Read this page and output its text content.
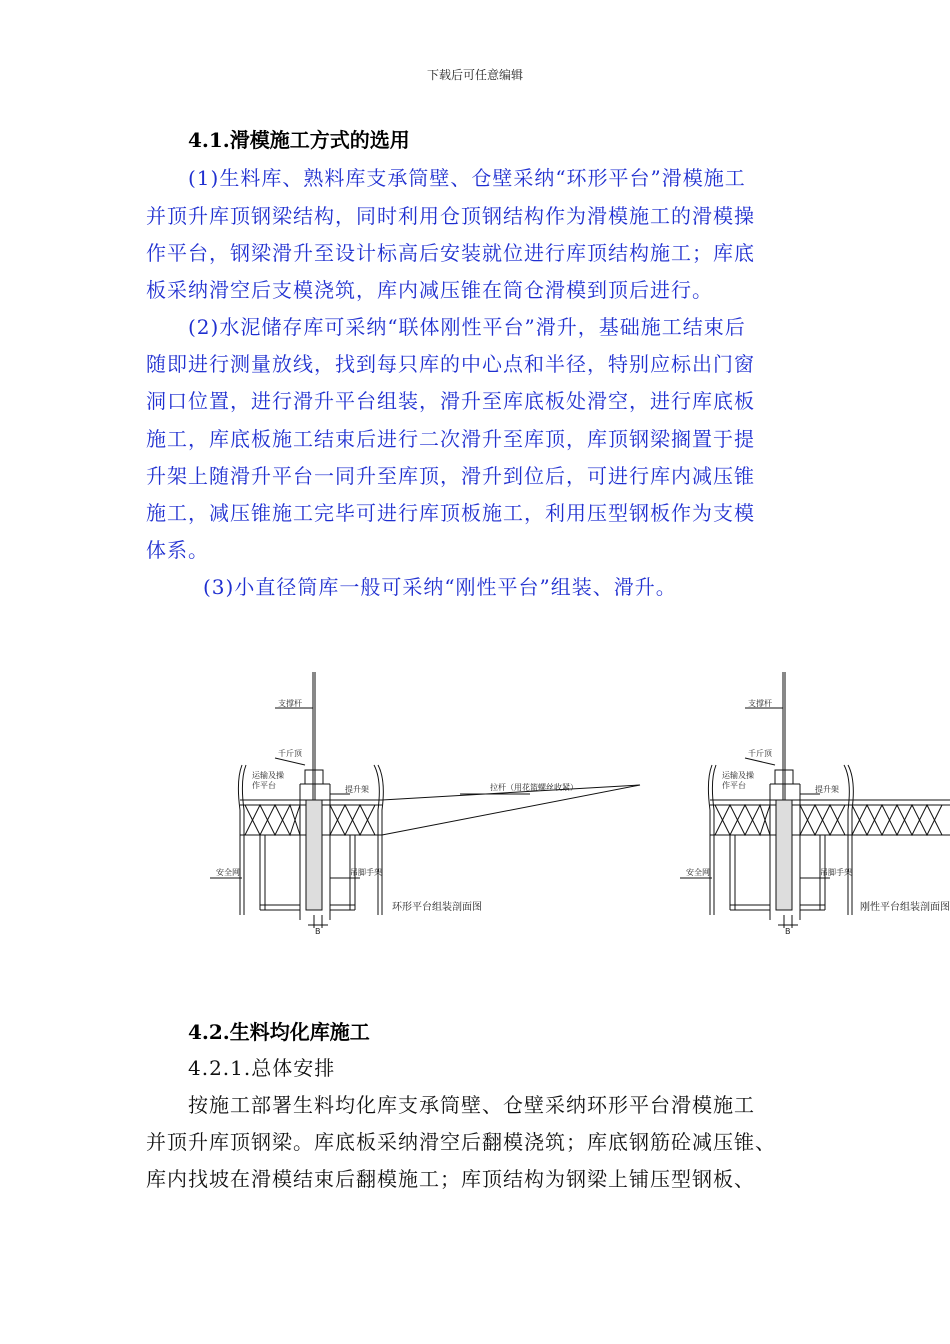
下载后可任意编辑
4.1.滑模施工方式的选用
(1)生料库、熟料库支承筒壁、仓壁采纳“环形平台”滑模施工
并顶升库顶钢梁结构，同时利用仓顶钢结构作为滑模施工的滑模操
作平台，钢梁滑升至设计标高后安装就位进行库顶结构施工；库底
板采纳滑空后支模浇筑，库内减压锥在筒仓滑模到顶后进行。
(2)水泥储存库可采纳“联体刚性平台”滑升，基础施工结束后
随即进行测量放线，找到每只库的中心点和半径，特别应标出门窗
洞口位置，进行滑升平台组装，滑升至库底板处滑空，进行库底板
施工，库底板施工结束后进行二次滑升至库顶，库顶钢梁搁置于提
升架上随滑升平台一同升至库顶，滑升到位后，可进行库内减压锥
施工，减压锥施工完毕可进行库顶板施工，利用压型钢板作为支模
体系。
(3)小直径筒库一般可采纳“刚性平台”组装、滑升。
支撑杆
千斤顶
运输及操
作平台	提升架	拉杆（用花篮螺丝收紧）
安全网	吊脚手架
B
环形平台组装剖面图
支撑杆
千斤顶
运输及操
作平台	提升架
安全网	吊脚手架
B
刚性平台组装剖面图
4.2.生料均化库施工
4.2.1.总体安排
按施工部署生料均化库支承筒壁、仓壁采纳环形平台滑模施工
并顶升库顶钢梁。库底板采纳滑空后翻模浇筑；库底钢筋砼减压锥、
库内找坡在滑模结束后翻模施工；库顶结构为钢梁上铺压型钢板、
